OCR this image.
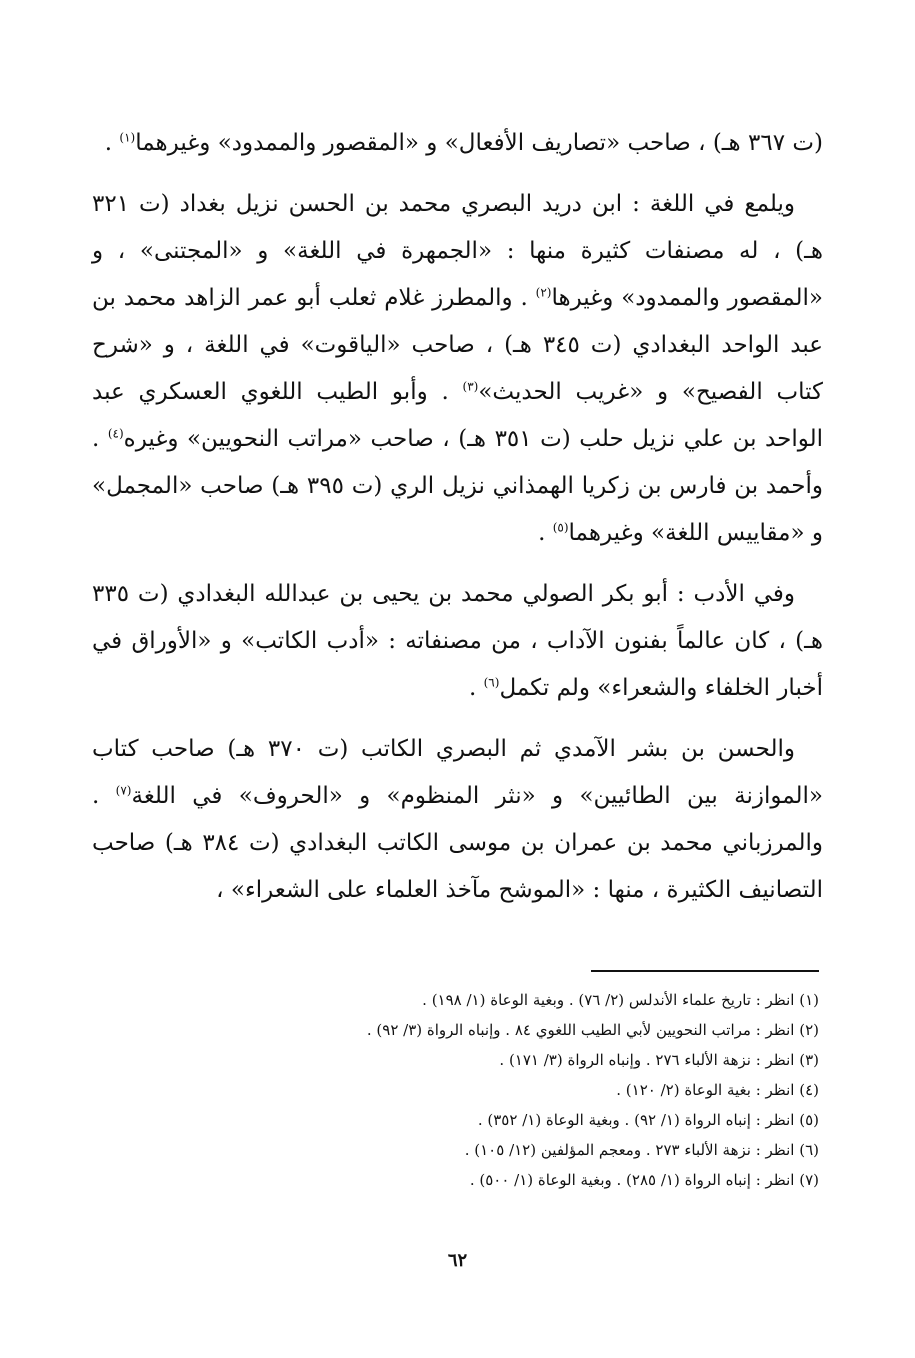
(ت ٣٦٧ هـ) ، صاحب «تصاريف الأفعال» و «المقصور والممدود» وغيرهما$^{(١)}$ .

ويلمع في اللغة : ابن دريد البصري محمد بن الحسن نزيل بغداد (ت ٣٢١ هـ) ، له مصنفات كثيرة منها : «الجمهرة في اللغة» و «المجتنى» ، و «المقصور والممدود» وغيرها$^{(٢)}$ . والمطرز غلام ثعلب أبو عمر الزاهد محمد بن عبد الواحد البغدادي (ت ٣٤٥ هـ) ، صاحب «الياقوت» في اللغة ، و «شرح كتاب الفصيح» و «غريب الحديث»$^{(٣)}$ . وأبو الطيب اللغوي العسكري عبد الواحد بن علي نزيل حلب (ت ٣٥١ هـ) ، صاحب «مراتب النحويين» وغيره$^{(٤)}$ . وأحمد بن فارس بن زكريا الهمذاني نزيل الري (ت ٣٩٥ هـ) صاحب «المجمل» و «مقاييس اللغة» وغيرهما$^{(٥)}$ .

وفي الأدب : أبو بكر الصولي محمد بن يحيى بن عبدالله البغدادي (ت ٣٣٥ هـ) ، كان عالماً بفنون الآداب ، من مصنفاته : «أدب الكاتب» و «الأوراق في أخبار الخلفاء والشعراء» ولم تكمل$^{(٦)}$ .

والحسن بن بشر الآمدي ثم البصري الكاتب (ت ٣٧٠ هـ) صاحب كتاب «الموازنة بين الطائيين» و «نثر المنظوم» و «الحروف» في اللغة$^{(٧)}$ . والمرزباني محمد بن عمران بن موسى الكاتب البغدادي (ت ٣٨٤ هـ) صاحب التصانيف الكثيرة ، منها : «الموشح مآخذ العلماء على الشعراء» ،

(١) انظر : تاريخ علماء الأندلس (٢/ ٧٦) . وبغية الوعاة (١/ ١٩٨) .

(٢) انظر : مراتب النحويين لأبي الطيب اللغوي ٨٤ . وإنباه الرواة (٣/ ٩٢) .

(٣) انظر : نزهة الألباء ٢٧٦ . وإنباه الرواة (٣/ ١٧١) .

(٤) انظر : بغية الوعاة (٢/ ١٢٠) .

(٥) انظر : إنباه الرواة (١/ ٩٢) . وبغية الوعاة (١/ ٣٥٢) .

(٦) انظر : نزهة الألباء ٢٧٣ . ومعجم المؤلفين (١٢/ ١٠٥) .

(٧) انظر : إنباه الرواة (١/ ٢٨٥) . وبغية الوعاة (١/ ٥٠٠) .

٦٢
